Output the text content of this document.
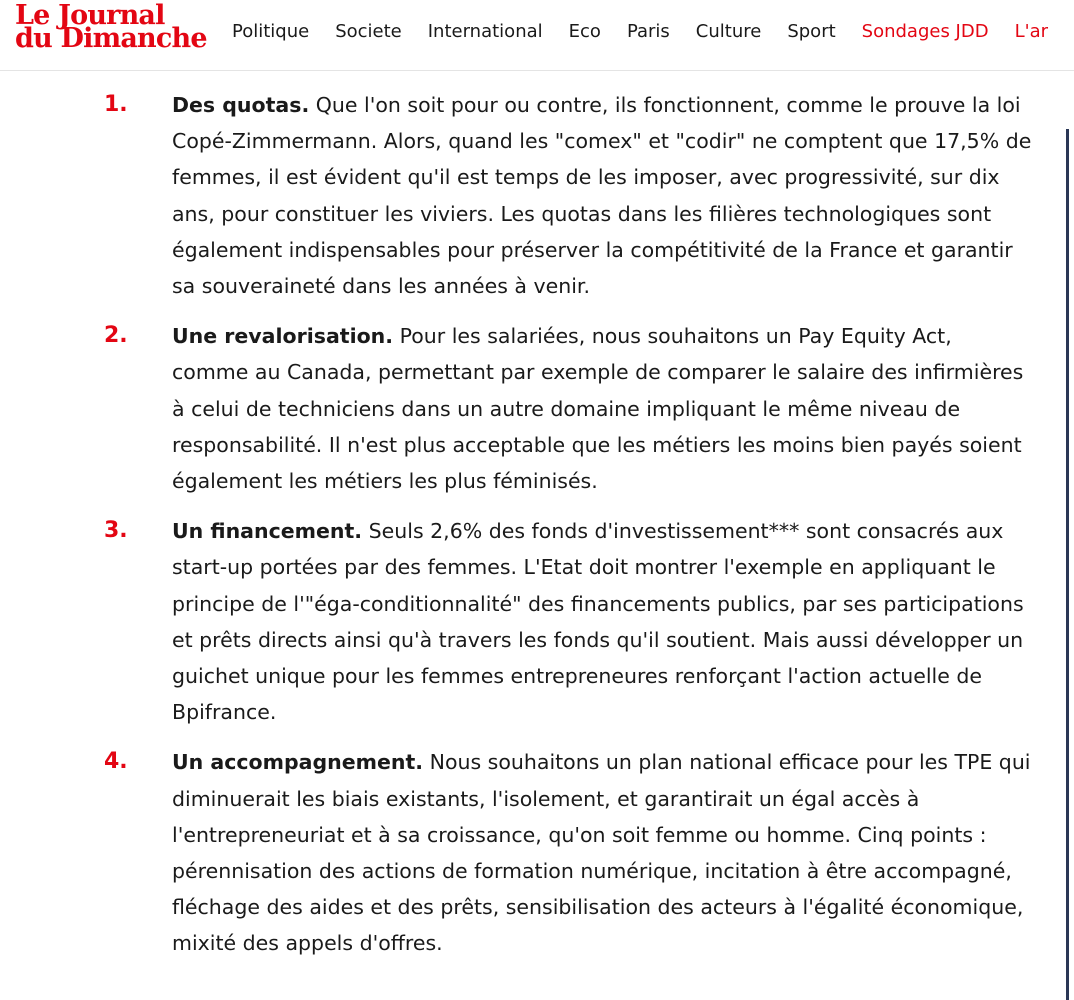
Le Journal
du Dimanche	Politique Societe International Eco Paris Culture Sport Sondages JDD L'ar
1. Des quotas. Que l'on soit pour ou contre, ils fonctionnent, comme le prouve la loi Copé-Zimmermann. Alors, quand les "comex" et "codir" ne comptent que 17,5% de femmes, il est évident qu'il est temps de les imposer, avec progressivité, sur dix ans, pour constituer les viviers. Les quotas dans les filières technologiques sont également indispensables pour préserver la compétitivité de la France et garantir sa souveraineté dans les années à venir.
2. Une revalorisation. Pour les salariées, nous souhaitons un Pay Equity Act, comme au Canada, permettant par exemple de comparer le salaire des infirmières à celui de techniciens dans un autre domaine impliquant le même niveau de responsabilité. Il n'est plus acceptable que les métiers les moins bien payés soient également les métiers les plus féminisés.
3. Un financement. Seuls 2,6% des fonds d'investissement*** sont consacrés aux start-up portées par des femmes. L'Etat doit montrer l'exemple en appliquant le principe de l'"éga-conditionnalité" des financements publics, par ses participations et prêts directs ainsi qu'à travers les fonds qu'il soutient. Mais aussi développer un guichet unique pour les femmes entrepreneures renforçant l'action actuelle de Bpifrance.
4. Un accompagnement. Nous souhaitons un plan national efficace pour les TPE qui diminuerait les biais existants, l'isolement, et garantirait un égal accès à l'entrepreneuriat et à sa croissance, qu'on soit femme ou homme. Cinq points : pérennisation des actions de formation numérique, incitation à être accompagné, fléchage des aides et des prêts, sensibilisation des acteurs à l'égalité économique, mixité des appels d'offres.
